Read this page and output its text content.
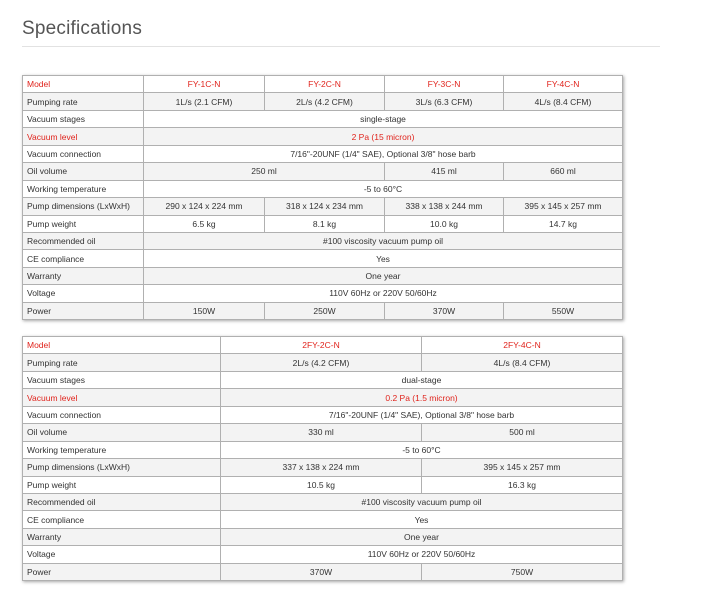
Specifications
Model	FY-1C-N	FY-2C-N	FY-3C-N	FY-4C-N
Pumping rate	1L/s (2.1 CFM)	2L/s (4.2 CFM)	3L/s (6.3 CFM)	4L/s (8.4 CFM)
Vacuum stages	single-stage			
Vacuum level	2 Pa (15 micron)			
Vacuum connection	7/16"-20UNF (1/4" SAE), Optional 3/8" hose barb			
Oil volume	250 ml		415 ml	660 ml
Working temperature	-5 to 60°C			
Pump dimensions (LxWxH)	290 x 124 x 224 mm	318 x 124 x 234 mm	338 x 138 x 244 mm	395 x 145 x 257 mm
Pump weight	6.5 kg	8.1 kg	10.0 kg	14.7 kg
Recommended oil	#100 viscosity vacuum pump oil			
CE compliance	Yes			
Warranty	One year			
Voltage	110V 60Hz or 220V 50/60Hz			
Power	150W	250W	370W	550W
Model	2FY-2C-N	2FY-4C-N
Pumping rate	2L/s (4.2 CFM)	4L/s (8.4 CFM)
Vacuum stages	dual-stage	
Vacuum level	0.2 Pa (1.5 micron)	
Vacuum connection	7/16"-20UNF (1/4" SAE), Optional 3/8" hose barb	
Oil volume	330 ml	500 ml
Working temperature	-5 to 60°C	
Pump dimensions (LxWxH)	337 x 138 x 224 mm	395 x 145 x 257 mm
Pump weight	10.5 kg	16.3 kg
Recommended oil	#100 viscosity vacuum pump oil	
CE compliance	Yes	
Warranty	One year	
Voltage	110V 60Hz or 220V 50/60Hz	
Power	370W	750W
